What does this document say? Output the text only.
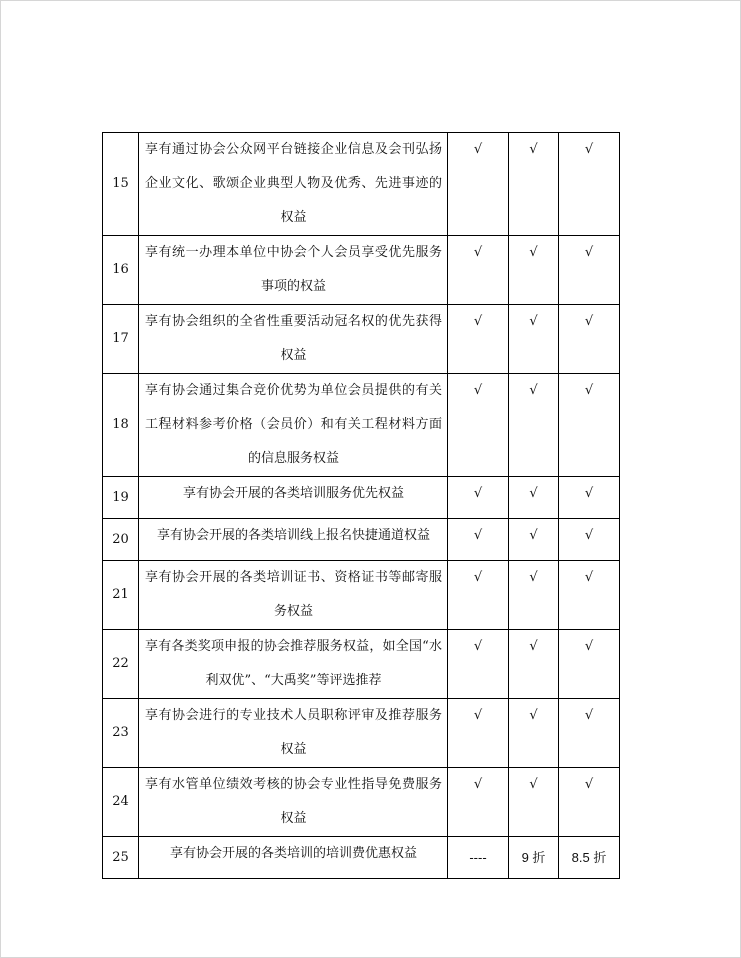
15	享有通过协会公众网平台链接企业信息及会刊弘扬企业文化、歌颂企业典型人物及优秀、先进事迹的权益	√	√	√
16	享有统一办理本单位中协会个人会员享受优先服务事项的权益	√	√	√
17	享有协会组织的全省性重要活动冠名权的优先获得权益	√	√	√
18	享有协会通过集合竞价优势为单位会员提供的有关工程材料参考价格（会员价）和有关工程材料方面的信息服务权益	√	√	√
19	享有协会开展的各类培训服务优先权益	√	√	√
20	享有协会开展的各类培训线上报名快捷通道权益	√	√	√
21	享有协会开展的各类培训证书、资格证书等邮寄服务权益	√	√	√
22	享有各类奖项申报的协会推荐服务权益，如全国“水利双优”、“大禹奖”等评选推荐	√	√	√
23	享有协会进行的专业技术人员职称评审及推荐服务权益	√	√	√
24	享有水管单位绩效考核的协会专业性指导免费服务权益	√	√	√
25	享有协会开展的各类培训的培训费优惠权益	----	9 折	8.5 折
